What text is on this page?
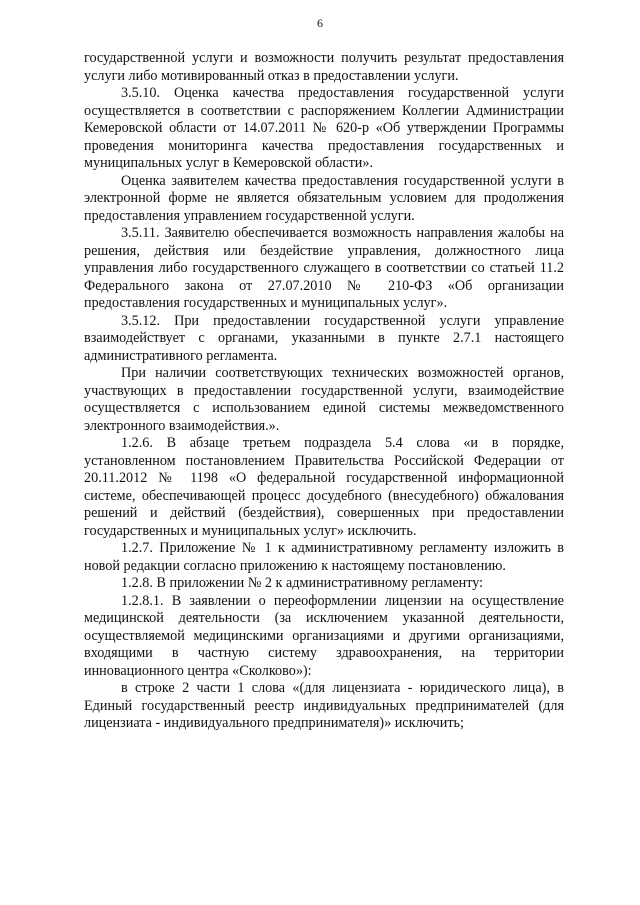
6

государственной услуги и возможности получить результат предоставления услуги либо мотивированный отказ в предоставлении услуги.

3.5.10. Оценка качества предоставления государственной услуги осуществляется в соответствии с распоряжением Коллегии Администрации Кемеровской области от 14.07.2011 № 620-р «Об утверждении Программы проведения мониторинга качества предоставления государственных и муниципальных услуг в Кемеровской области».

Оценка заявителем качества предоставления государственной услуги в электронной форме не является обязательным условием для продолжения предоставления управлением государственной услуги.

3.5.11. Заявителю обеспечивается возможность направления жалобы на решения, действия или бездействие управления, должностного лица управления либо государственного служащего в соответствии со статьей 11.2 Федерального закона от 27.07.2010 № 210-ФЗ «Об организации предоставления государственных и муниципальных услуг».

3.5.12. При предоставлении государственной услуги управление взаимодействует с органами, указанными в пункте 2.7.1 настоящего административного регламента.

При наличии соответствующих технических возможностей органов, участвующих в предоставлении государственной услуги, взаимодействие осуществляется с использованием единой системы межведомственного электронного взаимодействия.».

1.2.6. В абзаце третьем подраздела 5.4 слова «и в порядке, установленном постановлением Правительства Российской Федерации от 20.11.2012 № 1198 «О федеральной государственной информационной системе, обеспечивающей процесс досудебного (внесудебного) обжалования решений и действий (бездействия), совершенных при предоставлении государственных и муниципальных услуг» исключить.

1.2.7. Приложение № 1 к административному регламенту изложить в новой редакции согласно приложению к настоящему постановлению.

1.2.8. В приложении № 2 к административному регламенту:

1.2.8.1. В заявлении о переоформлении лицензии на осуществление медицинской деятельности (за исключением указанной деятельности, осуществляемой медицинскими организациями и другими организациями, входящими в частную систему здравоохранения, на территории инновационного центра «Сколково»):

в строке 2 части 1 слова «(для лицензиата - юридического лица), в Единый государственный реестр индивидуальных предпринимателей (для лицензиата - индивидуального предпринимателя)» исключить;
